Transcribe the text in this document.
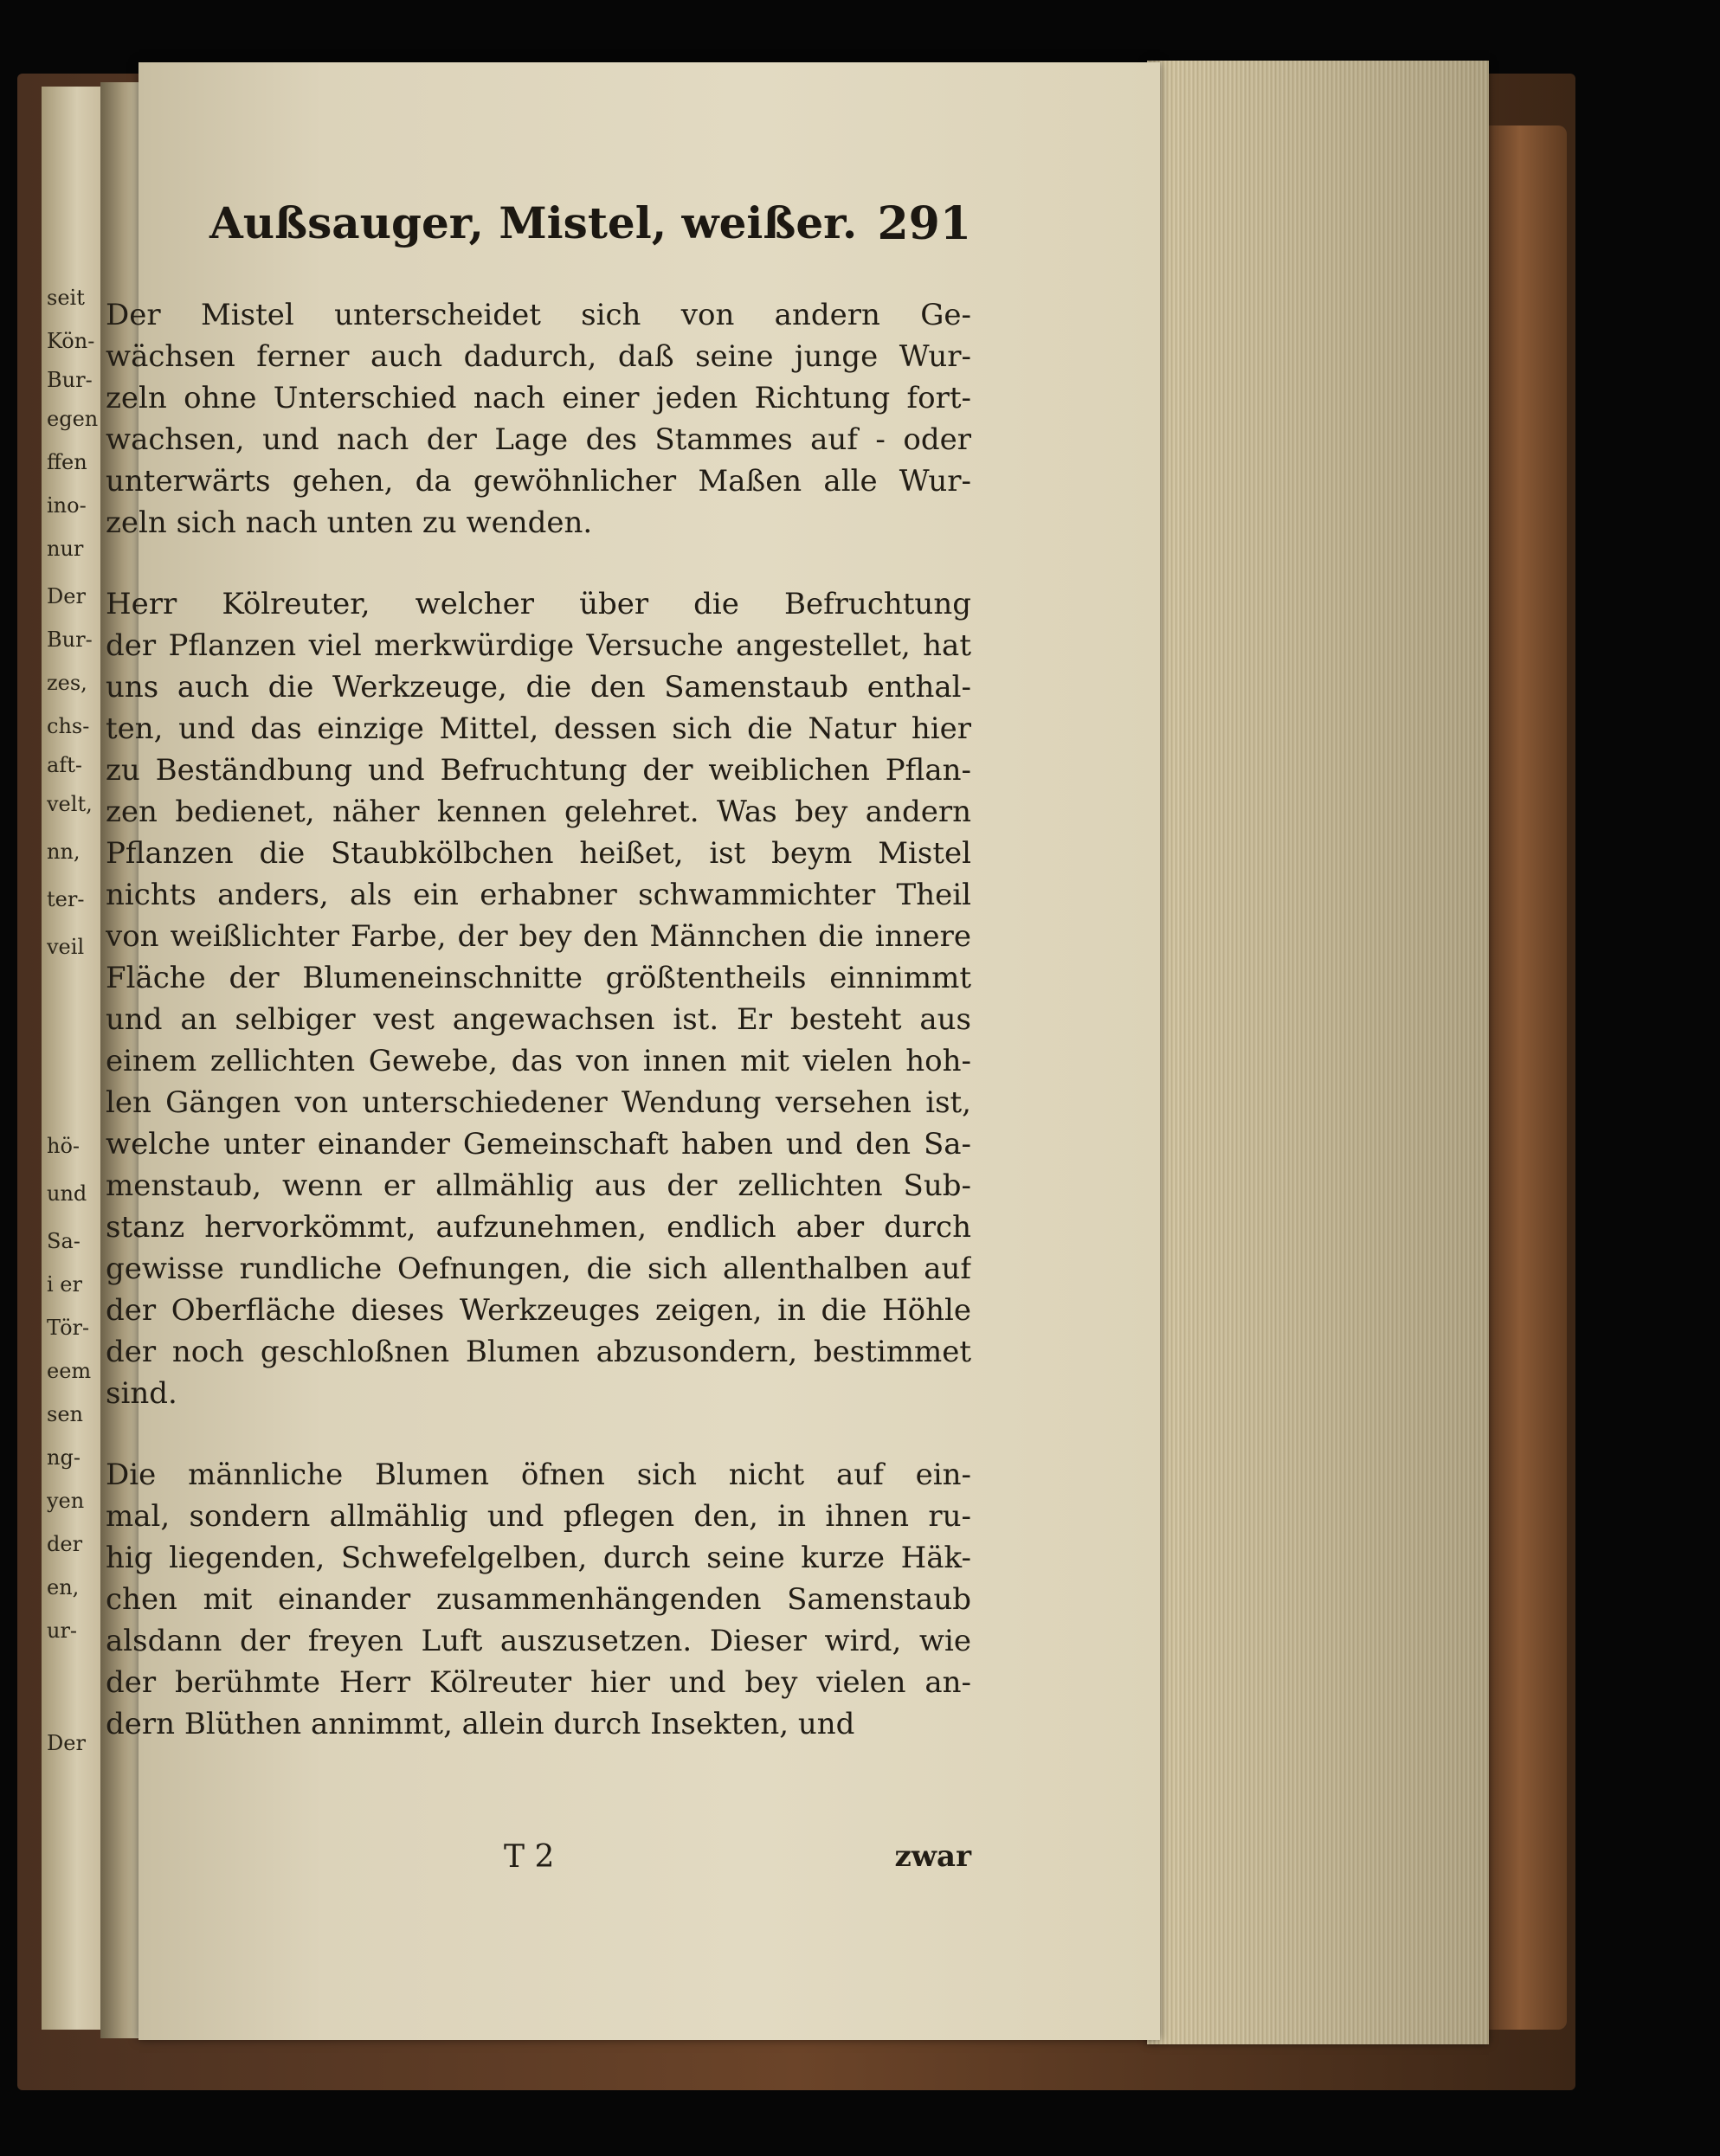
seit
Kön-
Bur-
egen
ffen
ino-
nur
Der
Bur-
zes,
chs-
aft-
velt,
nn,
ter-
veil
hö-
und
Sa-
i er
Tör-
eem
sen
ng-
yen
der
en,
ur-
Der
Außsauger, Mistel, weißer. 291
Der Mistel unterscheidet sich von andern Ge-
wächsen ferner auch dadurch, daß seine junge Wur-
zeln ohne Unterschied nach einer jeden Richtung fort-
wachsen, und nach der Lage des Stammes auf - oder
unterwärts gehen, da gewöhnlicher Maßen alle Wur-
zeln sich nach unten zu wenden.
Herr Kölreuter, welcher über die Befruchtung
der Pflanzen viel merkwürdige Versuche angestellet, hat
uns auch die Werkzeuge, die den Samenstaub enthal-
ten, und das einzige Mittel, dessen sich die Natur hier
zu Beständbung und Befruchtung der weiblichen Pflan-
zen bedienet, näher kennen gelehret. Was bey andern
Pflanzen die Staubkölbchen heißet, ist beym Mistel
nichts anders, als ein erhabner schwammichter Theil
von weißlichter Farbe, der bey den Männchen die innere
Fläche der Blumeneinschnitte größtentheils einnimmt
und an selbiger vest angewachsen ist. Er besteht aus
einem zellichten Gewebe, das von innen mit vielen hoh-
len Gängen von unterschiedener Wendung versehen ist,
welche unter einander Gemeinschaft haben und den Sa-
menstaub, wenn er allmählig aus der zellichten Sub-
stanz hervorkömmt, aufzunehmen, endlich aber durch
gewisse rundliche Oefnungen, die sich allenthalben auf
der Oberfläche dieses Werkzeuges zeigen, in die Höhle
der noch geschloßnen Blumen abzusondern, bestimmet
sind.
Die männliche Blumen öfnen sich nicht auf ein-
mal, sondern allmählig und pflegen den, in ihnen ru-
hig liegenden, Schwefelgelben, durch seine kurze Häk-
chen mit einander zusammenhängenden Samenstaub
alsdann der freyen Luft auszusetzen. Dieser wird, wie
der berühmte Herr Kölreuter hier und bey vielen an-
dern Blüthen annimmt, allein durch Insekten, und
T 2	zwar
